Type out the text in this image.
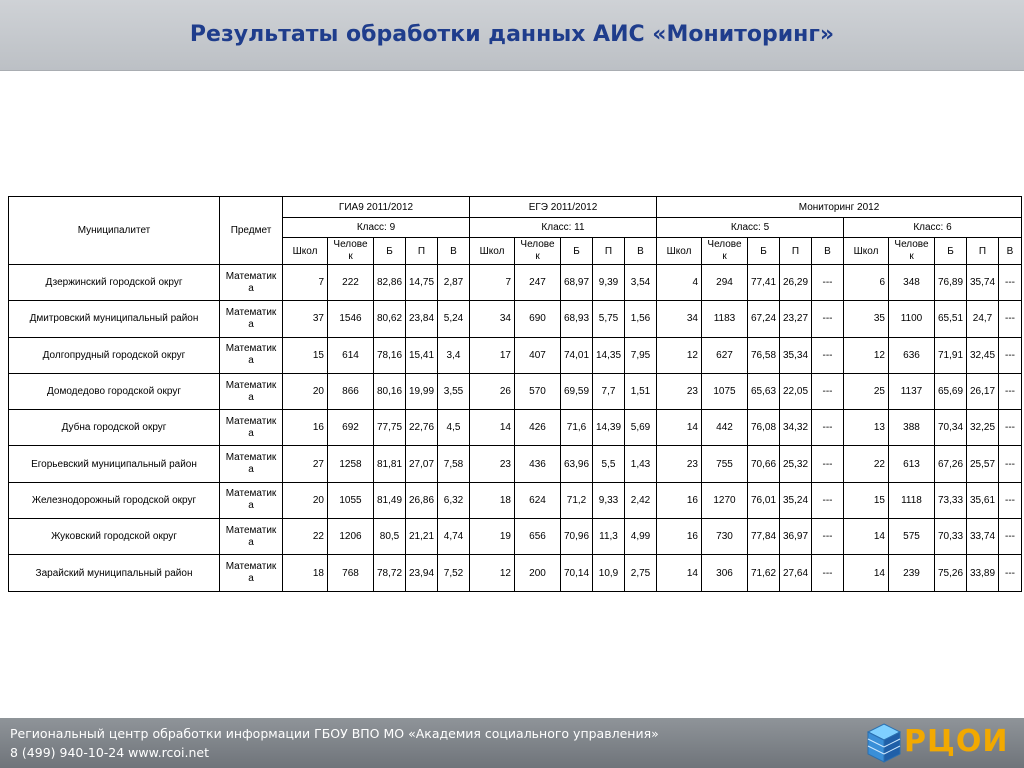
Результаты обработки данных АИС «Мониторинг»
Муниципалитет	Предмет	ГИА9 2011/2012					ЕГЭ 2011/2012					Мониторинг 2012									
		Класс: 9					Класс: 11					Класс: 5					Класс: 6				
		Школ	Челове к	Б	П	В	Школ	Челове к	Б	П	В	Школ	Челове к	Б	П	В	Школ	Челове к	Б	П	В
Дзержинский городской округ	Математик а	7	222	82,86	14,75	2,87	7	247	68,97	9,39	3,54	4	294	77,41	26,29	---	6	348	76,89	35,74	---
Дмитровский муниципальный район	Математик а	37	1546	80,62	23,84	5,24	34	690	68,93	5,75	1,56	34	1183	67,24	23,27	---	35	1100	65,51	24,7	---
Долгопрудный городской округ	Математик а	15	614	78,16	15,41	3,4	17	407	74,01	14,35	7,95	12	627	76,58	35,34	---	12	636	71,91	32,45	---
Домодедово городской округ	Математик а	20	866	80,16	19,99	3,55	26	570	69,59	7,7	1,51	23	1075	65,63	22,05	---	25	1137	65,69	26,17	---
Дубна городской округ	Математик а	16	692	77,75	22,76	4,5	14	426	71,6	14,39	5,69	14	442	76,08	34,32	---	13	388	70,34	32,25	---
Егорьевский муниципальный район	Математик а	27	1258	81,81	27,07	7,58	23	436	63,96	5,5	1,43	23	755	70,66	25,32	---	22	613	67,26	25,57	---
Железнодорожный городской округ	Математик а	20	1055	81,49	26,86	6,32	18	624	71,2	9,33	2,42	16	1270	76,01	35,24	---	15	1118	73,33	35,61	---
Жуковский городской округ	Математик а	22	1206	80,5	21,21	4,74	19	656	70,96	11,3	4,99	16	730	77,84	36,97	---	14	575	70,33	33,74	---
Зарайский муниципальный район	Математик а	18	768	78,72	23,94	7,52	12	200	70,14	10,9	2,75	14	306	71,62	27,64	---	14	239	75,26	33,89	---
Региональный центр обработки информации ГБОУ ВПО МО «Академия социального управления»
8 (499) 940-10-24 www.rcoi.net	РЦОИ
